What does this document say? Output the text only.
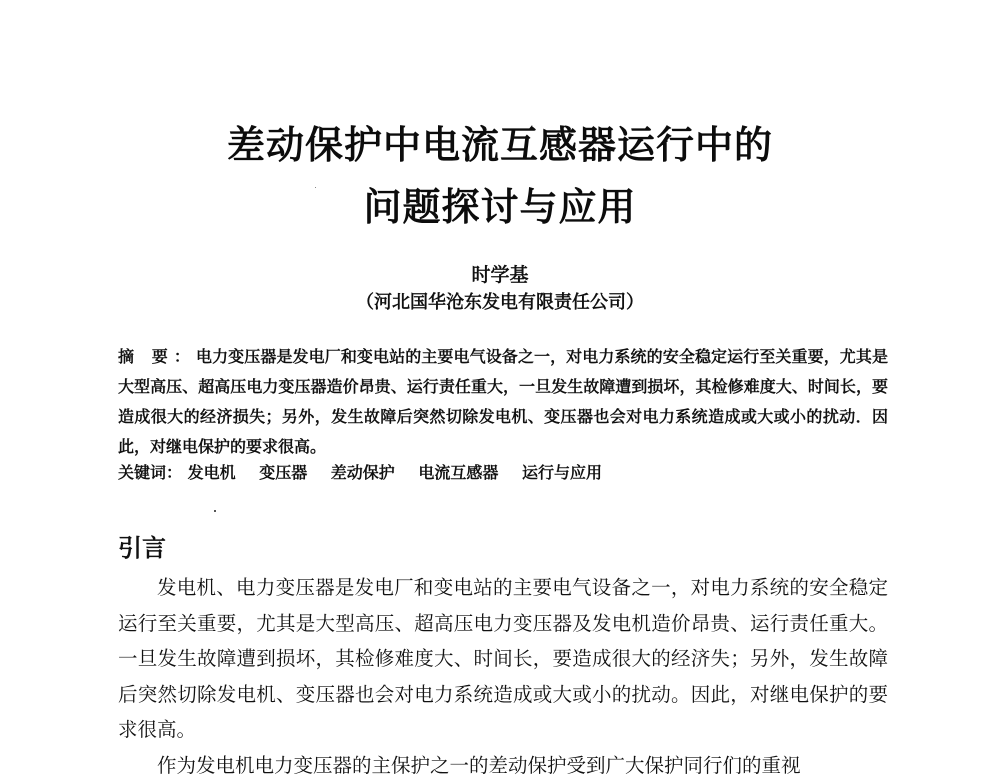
差动保护中电流互感器运行中的
问题探讨与应用
时学基
（河北国华沧东发电有限责任公司）
摘 要：电力变压器是发电厂和变电站的主要电气设备之一，对电力系统的安全稳定运行至关重要，尤其是大型高压、超高压电力变压器造价昂贵、运行责任重大，一旦发生故障遭到损坏，其检修难度大、时间长，要造成很大的经济损失；另外，发生故障后突然切除发电机、变压器也会对电力系统造成或大或小的扰动．因此，对继电保护的要求很高。
关键词： 发电机 变压器 差动保护 电流互感器 运行与应用
引言

发电机、电力变压器是发电厂和变电站的主要电气设备之一，对电力系统的安全稳定运行至关重要，尤其是大型高压、超高压电力变压器及发电机造价昂贵、运行责任重大。一旦发生故障遭到损坏，其检修难度大、时间长，要造成很大的经济失；另外，发生故障后突然切除发电机、变压器也会对电力系统造成或大或小的扰动。因此，对继电保护的要求很高。

作为发电机电力变压器的主保护之一的差动保护受到广大保护同行们的重视
